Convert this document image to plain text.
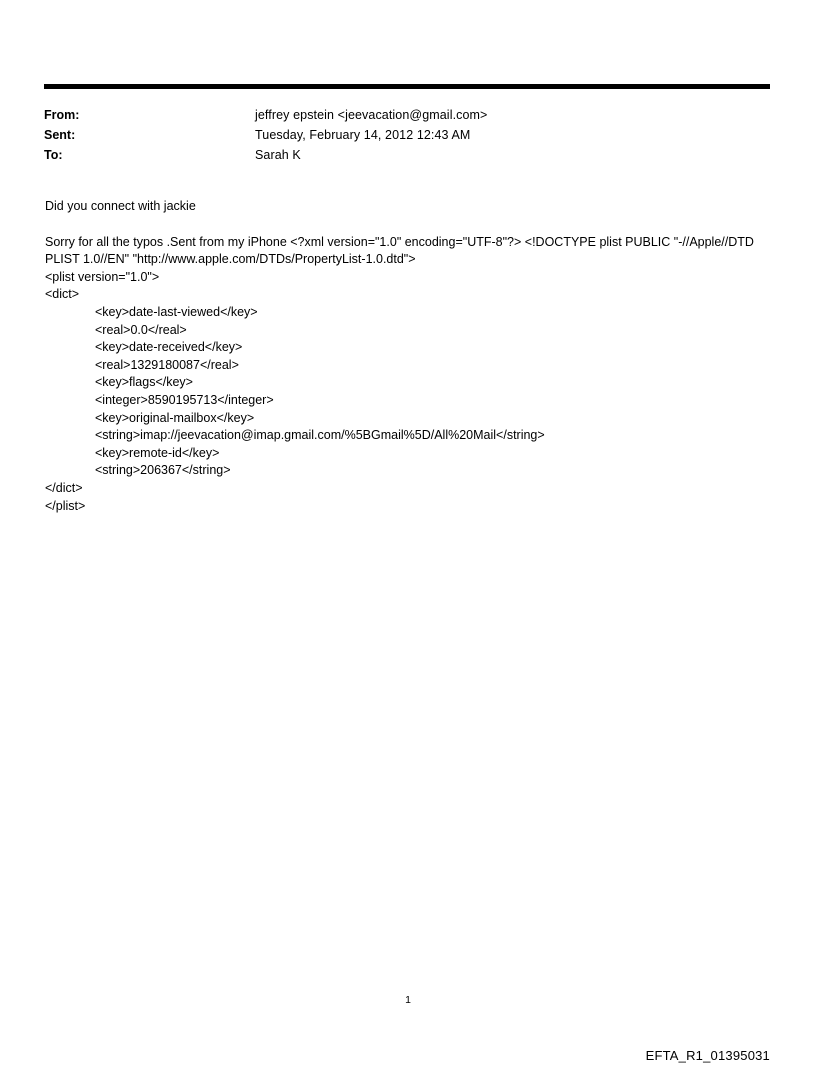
From:	jeffrey epstein <jeevacation@gmail.com>
Sent:	Tuesday, February 14, 2012 12:43 AM
To:	Sarah K

Did you connect with jackie

Sorry for all the typos .Sent from my iPhone <?xml version="1.0" encoding="UTF-8"?> <!DOCTYPE plist PUBLIC "-//Apple//DTD PLIST 1.0//EN" "http://www.apple.com/DTDs/PropertyList-1.0.dtd">

<plist version="1.0">
<dict>
<key>date-last-viewed</key>
<real>0.0</real>
<key>date-received</key>
<real>1329180087</real>
<key>flags</key>
<integer>8590195713</integer>
<key>original-mailbox</key>
<string>imap://jeevacation@imap.gmail.com/%5BGmail%5D/All%20Mail</string>
<key>remote-id</key>
<string>206367</string>
</dict>
</plist>
1
EFTA_R1_01395031
